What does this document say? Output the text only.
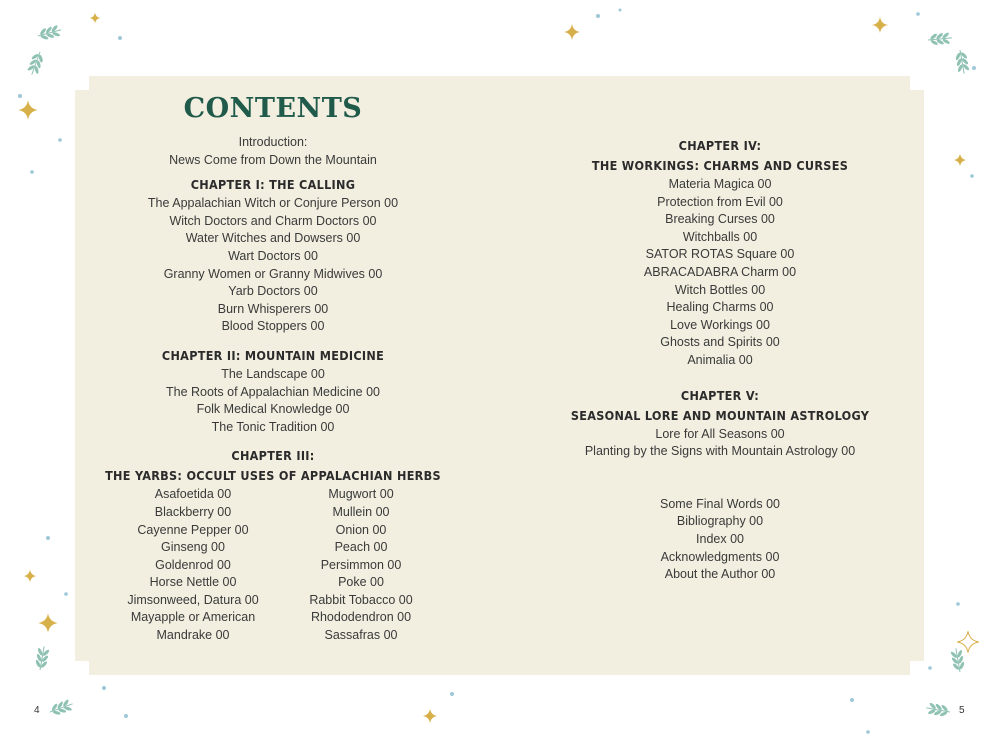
CONTENTS
Introduction:
News Come from Down the Mountain
CHAPTER I: THE CALLING
The Appalachian Witch or Conjure Person 00
Witch Doctors and Charm Doctors 00
Water Witches and Dowsers 00
Wart Doctors 00
Granny Women or Granny Midwives 00
Yarb Doctors 00
Burn Whisperers 00
Blood Stoppers 00
CHAPTER II: MOUNTAIN MEDICINE
The Landscape 00
The Roots of Appalachian Medicine 00
Folk Medical Knowledge 00
The Tonic Tradition 00
CHAPTER III:
THE YARBS: OCCULT USES OF APPALACHIAN HERBS
Asafoetida 00
Blackberry 00
Cayenne Pepper 00
Ginseng 00
Goldenrod 00
Horse Nettle 00
Jimsonweed, Datura 00
Mayapple or American
Mandrake 00
Mugwort 00
Mullein 00
Onion 00
Peach 00
Persimmon 00
Poke 00
Rabbit Tobacco 00
Rhododendron 00
Sassafras 00
CHAPTER IV:
THE WORKINGS: CHARMS AND CURSES
Materia Magica 00
Protection from Evil 00
Breaking Curses 00
Witchballs 00
SATOR ROTAS Square 00
ABRACADABRA Charm 00
Witch Bottles 00
Healing Charms 00
Love Workings 00
Ghosts and Spirits 00
Animalia 00
CHAPTER V:
SEASONAL LORE AND MOUNTAIN ASTROLOGY
Lore for All Seasons 00
Planting by the Signs with Mountain Astrology 00
Some Final Words 00
Bibliography 00
Index 00
Acknowledgments 00
About the Author 00
4	5
